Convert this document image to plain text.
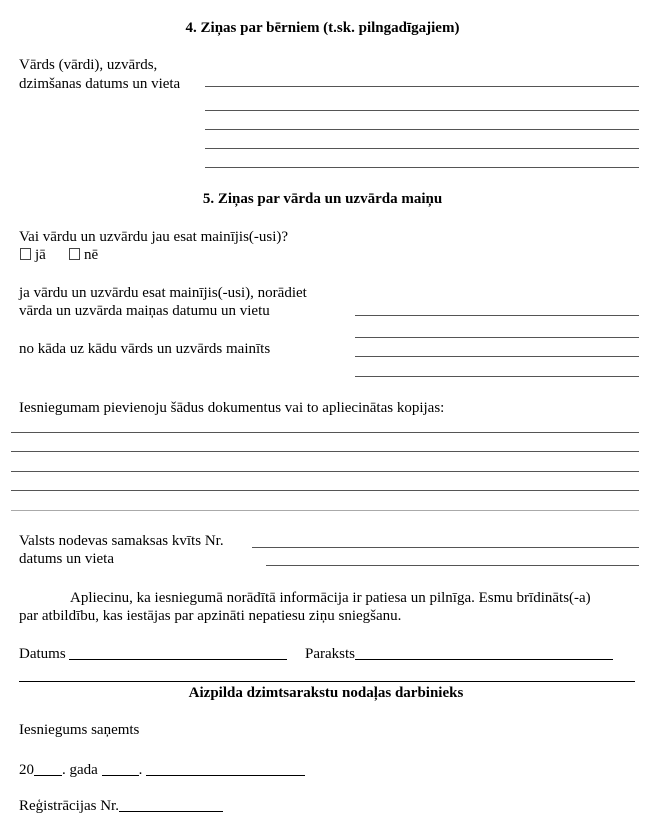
4. Ziņas par bērniem (t.sk. pilngadīgajiem)
Vārds (vārdi), uzvārds,
dzimšanas datums un vieta
5. Ziņas par vārda un uzvārda maiņu
Vai vārdu un uzvārdu jau esat mainījis(-usi)?
jā	nē
ja vārdu un uzvārdu esat mainījis(-usi), norādiet
vārda un uzvārda maiņas datumu un vietu
no kāda uz kādu vārds un uzvārds mainīts
Iesniegumam pievienoju šādus dokumentus vai to apliecinātas kopijas:
Valsts nodevas samaksas kvīts Nr.
datums un vieta
Apliecinu, ka iesniegumā norādītā informācija ir patiesa un pilnīga. Esmu brīdināts(-a)
par atbildību, kas iestājas par apzināti nepatiesu ziņu sniegšanu.
Datums	Paraksts
Aizpilda dzimtsarakstu nodaļas darbinieks
Iesniegums saņemts
20 . gada	.
Reģistrācijas Nr.
